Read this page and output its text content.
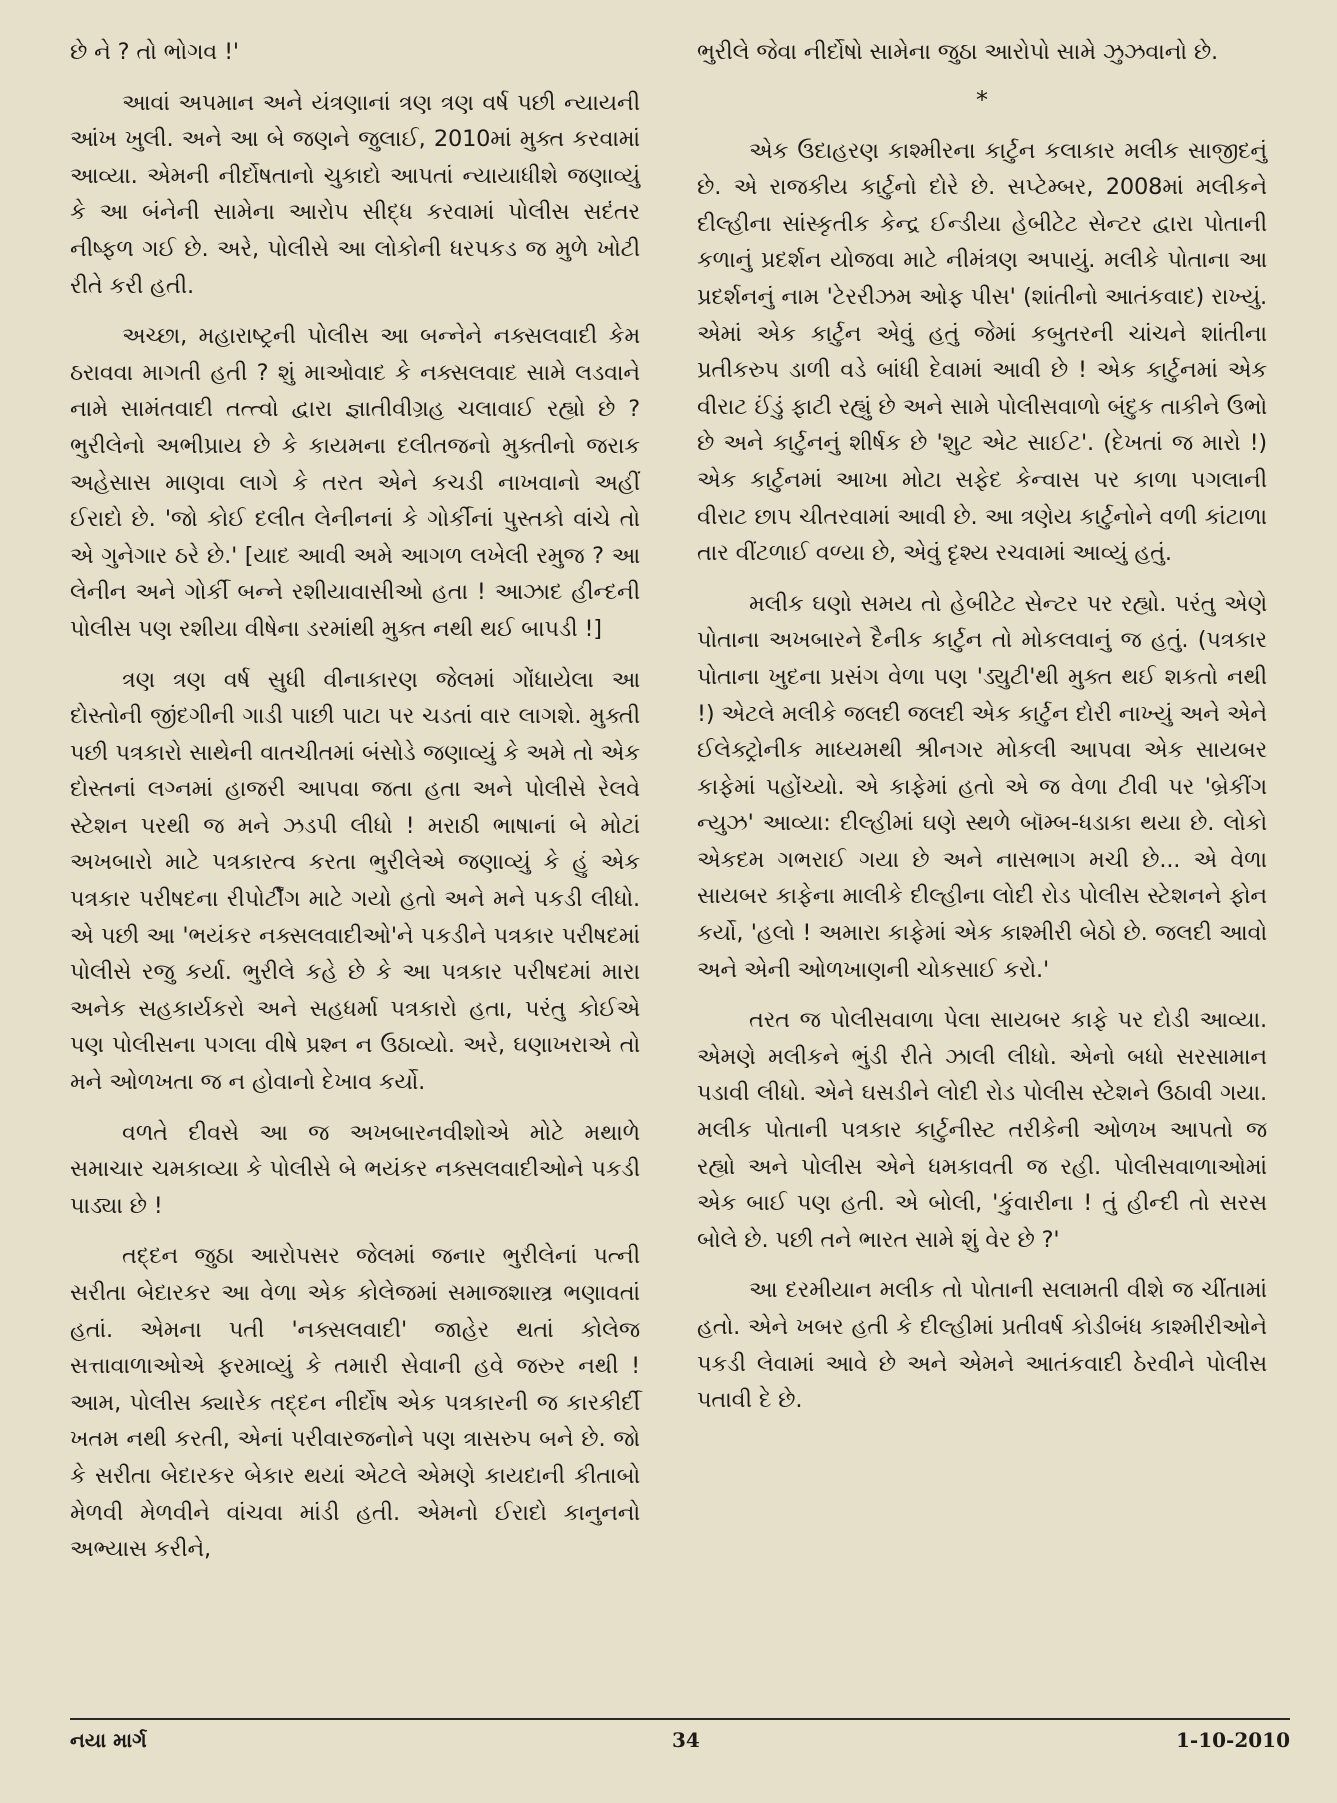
છે ને ? તો ભોગવ !'

આવાં અપમાન અને યંત્રણાનાં ત્રણ ત્રણ વર્ષ પછી ન્યાયની આંખ ખુલી. અને આ બે જણને જુલાઈ, 2010માં મુક્ત કરવામાં આવ્યા. એમની નીર્દોષતાનો ચુકાદો આપતાં ન્યાયાધીશે જણાવ્યું કે આ બંનેની સામેના આરોપ સીદ્ધ કરવામાં પોલીસ સદંતર નીષ્ફળ ગઈ છે. અરે, પોલીસે આ લોકોની ધરપકડ જ મુળે ખોટી રીતે કરી હતી.

અચ્છા, મહારાષ્ટ્રની પોલીસ આ બન્નેને નક્સલવાદી કેમ ઠરાવવા માગતી હતી ? શું માઓવાદ કે નક્સલવાદ સામે લડવાને નામે સામંતવાદી તત્ત્વો દ્વારા જ્ઞાતીવીગ્રહ ચલાવાઈ રહ્યો છે ? ભુરીલેનો અભીપ્રાય છે કે કાયમના દલીતજનો મુક્તીનો જરાક અહેસાસ માણવા લાગે કે તરત એને કચડી નાખવાનો અહીં ઈરાદો છે. 'જો કોઈ દલીત લેનીનનાં કે ગોર્કીનાં પુસ્તકો વાંચે તો એ ગુનેગાર ઠરે છે.' [યાદ આવી અમે આગળ લખેલી રમુજ ? આ લેનીન અને ગોર્કી બન્ને રશીયાવાસીઓ હતા ! આઝાદ હીન્દની પોલીસ પણ રશીયા વીષેના ડરમાંથી મુક્ત નથી થઈ બાપડી !]

ત્રણ ત્રણ વર્ષ સુધી વીનાકારણ જેલમાં ગોંધાયેલા આ દોસ્તોની જીંદગીની ગાડી પાછી પાટા પર ચડતાં વાર લાગશે. મુક્તી પછી પત્રકારો સાથેની વાતચીતમાં બંસોડે જણાવ્યું કે અમે તો એક દોસ્તનાં લગ્નમાં હાજરી આપવા જતા હતા અને પોલીસે રેલવે સ્ટેશન પરથી જ મને ઝડપી લીધો ! મરાઠી ભાષાનાં બે મોટાં અખબારો માટે પત્રકારત્વ કરતા ભુરીલેએ જણાવ્યું કે હું એક પત્રકાર પરીષદના રીપોર્ટીંગ માટે ગયો હતો અને મને પકડી લીધો. એ પછી આ 'ભયંકર નક્સલવાદીઓ'ને પકડીને પત્રકાર પરીષદમાં પોલીસે રજુ કર્યા. ભુરીલે કહે છે કે આ પત્રકાર પરીષદમાં મારા અનેક સહકાર્યકરો અને સહધર્મા પત્રકારો હતા, પરંતુ કોઈએ પણ પોલીસના પગલા વીષે પ્રશ્ન ન ઉઠાવ્યો. અરે, ઘણાખરાએ તો મને ઓળખતા જ ન હોવાનો દેખાવ કર્યો.

વળતે દીવસે આ જ અખબારનવીશોએ મોટે મથાળે સમાચાર ચમકાવ્યા કે પોલીસે બે ભયંકર નક્સલવાદીઓને પકડી પાડ્યા છે !

તદ્દન જુઠા આરોપસર જેલમાં જનાર ભુરીલેનાં પત્ની સરીતા બેદારકર આ વેળા એક કોલેજમાં સમાજશાસ્ત્ર ભણાવતાં હતાં. એમના પતી 'નક્સલવાદી' જાહેર થતાં કોલેજ સત્તાવાળાઓએ ફરમાવ્યું કે તમારી સેવાની હવે જરુર નથી ! આમ, પોલીસ ક્યારેક તદ્દન નીર્દોષ એક પત્રકારની જ કારકીર્દી ખતમ નથી કરતી, એનાં પરીવારજનોને પણ ત્રાસરુપ બને છે. જો કે સરીતા બેદારકર બેકાર થયાં એટલે એમણે કાયદાની કીતાબો મેળવી મેળવીને વાંચવા માંડી હતી. એમનો ઈરાદો કાનુનનો અભ્યાસ કરીને,

ભુરીલે જેવા નીર્દોષો સામેના જુઠા આરોપો સામે ઝુઝવાનો છે.

*

એક ઉદાહરણ કાશ્મીરના કાર્ટુન કલાકાર મલીક સાજીદનું છે. એ રાજકીય કાર્ટુનો દોરે છે. સપ્ટેમ્બર, 2008માં મલીકને દીલ્હીના સાંસ્કૃતીક કેન્દ્ર ઈન્ડીયા હેબીટેટ સેન્ટર દ્વારા પોતાની કળાનું પ્રદર્શન યોજવા માટે નીમંત્રણ અપાયું. મલીકે પોતાના આ પ્રદર્શનનું નામ 'ટેરરીઝમ ઓફ પીસ' (શાંતીનો આતંકવાદ) રાખ્યું. એમાં એક કાર્ટુન એવું હતું જેમાં કબુતરની ચાંચને શાંતીના પ્રતીકરુપ ડાળી વડે બાંધી દેવામાં આવી છે ! એક કાર્ટુનમાં એક વીરાટ ઈંડું ફાટી રહ્યું છે અને સામે પોલીસવાળો બંદુક તાકીને ઉભો છે અને કાર્ટુનનું શીર્ષક છે 'શુટ એટ સાઈટ'. (દેખતાં જ મારો !) એક કાર્ટુનમાં આખા મોટા સફેદ કેન્વાસ પર કાળા પગલાની વીરાટ છાપ ચીતરવામાં આવી છે. આ ત્રણેય કાર્ટુનોને વળી કાંટાળા તાર વીંટળાઈ વળ્યા છે, એવું દૃશ્ય રચવામાં આવ્યું હતું.

મલીક ઘણો સમય તો હેબીટેટ સેન્ટર પર રહ્યો. પરંતુ એણે પોતાના અખબારને દૈનીક કાર્ટુન તો મોકલવાનું જ હતું. (પત્રકાર પોતાના ખુદના પ્રસંગ વેળા પણ 'ડ્યુટી'થી મુક્ત થઈ શકતો નથી !) એટલે મલીકે જલદી જલદી એક કાર્ટુન દોરી નાખ્યું અને એને ઈલેક્ટ્રોનીક માધ્યમથી શ્રીનગર મોકલી આપવા એક સાયબર કાફેમાં પહોંચ્યો. એ કાફેમાં હતો એ જ વેળા ટીવી પર 'બ્રેકીંગ ન્યુઝ' આવ્યા: દીલ્હીમાં ઘણે સ્થળે બૉમ્બ-ધડાકા થયા છે. લોકો એકદમ ગભરાઈ ગયા છે અને નાસભાગ મચી છે... એ વેળા સાયબર કાફેના માલીકે દીલ્હીના લોદી રોડ પોલીસ સ્ટેશનને ફોન કર્યો, 'હલો ! અમારા કાફેમાં એક કાશ્મીરી બેઠો છે. જલદી આવો અને એની ઓળખાણની ચોકસાઈ કરો.'

તરત જ પોલીસવાળા પેલા સાયબર કાફે પર દોડી આવ્યા. એમણે મલીકને ભુંડી રીતે ઝાલી લીધો. એનો બધો સરસામાન પડાવી લીધો. એને ઘસડીને લોદી રોડ પોલીસ સ્ટેશને ઉઠાવી ગયા. મલીક પોતાની પત્રકાર કાર્ટુનીસ્ટ તરીકેની ઓળખ આપતો જ રહ્યો અને પોલીસ એને ધમકાવતી જ રહી. પોલીસવાળાઓમાં એક બાઈ પણ હતી. એ બોલી, 'કુંવારીના ! તું હીન્દી તો સરસ બોલે છે. પછી તને ભારત સામે શું વેર છે ?'

આ દરમીયાન મલીક તો પોતાની સલામતી વીશે જ ચીંતામાં હતો. એને ખબર હતી કે દીલ્હીમાં પ્રતીવર્ષ કોડીબંધ કાશ્મીરીઓને પકડી લેવામાં આવે છે અને એમને આતંકવાદી ઠેરવીને પોલીસ પતાવી દે છે.

નયા માર્ગ	34	1-10-2010
